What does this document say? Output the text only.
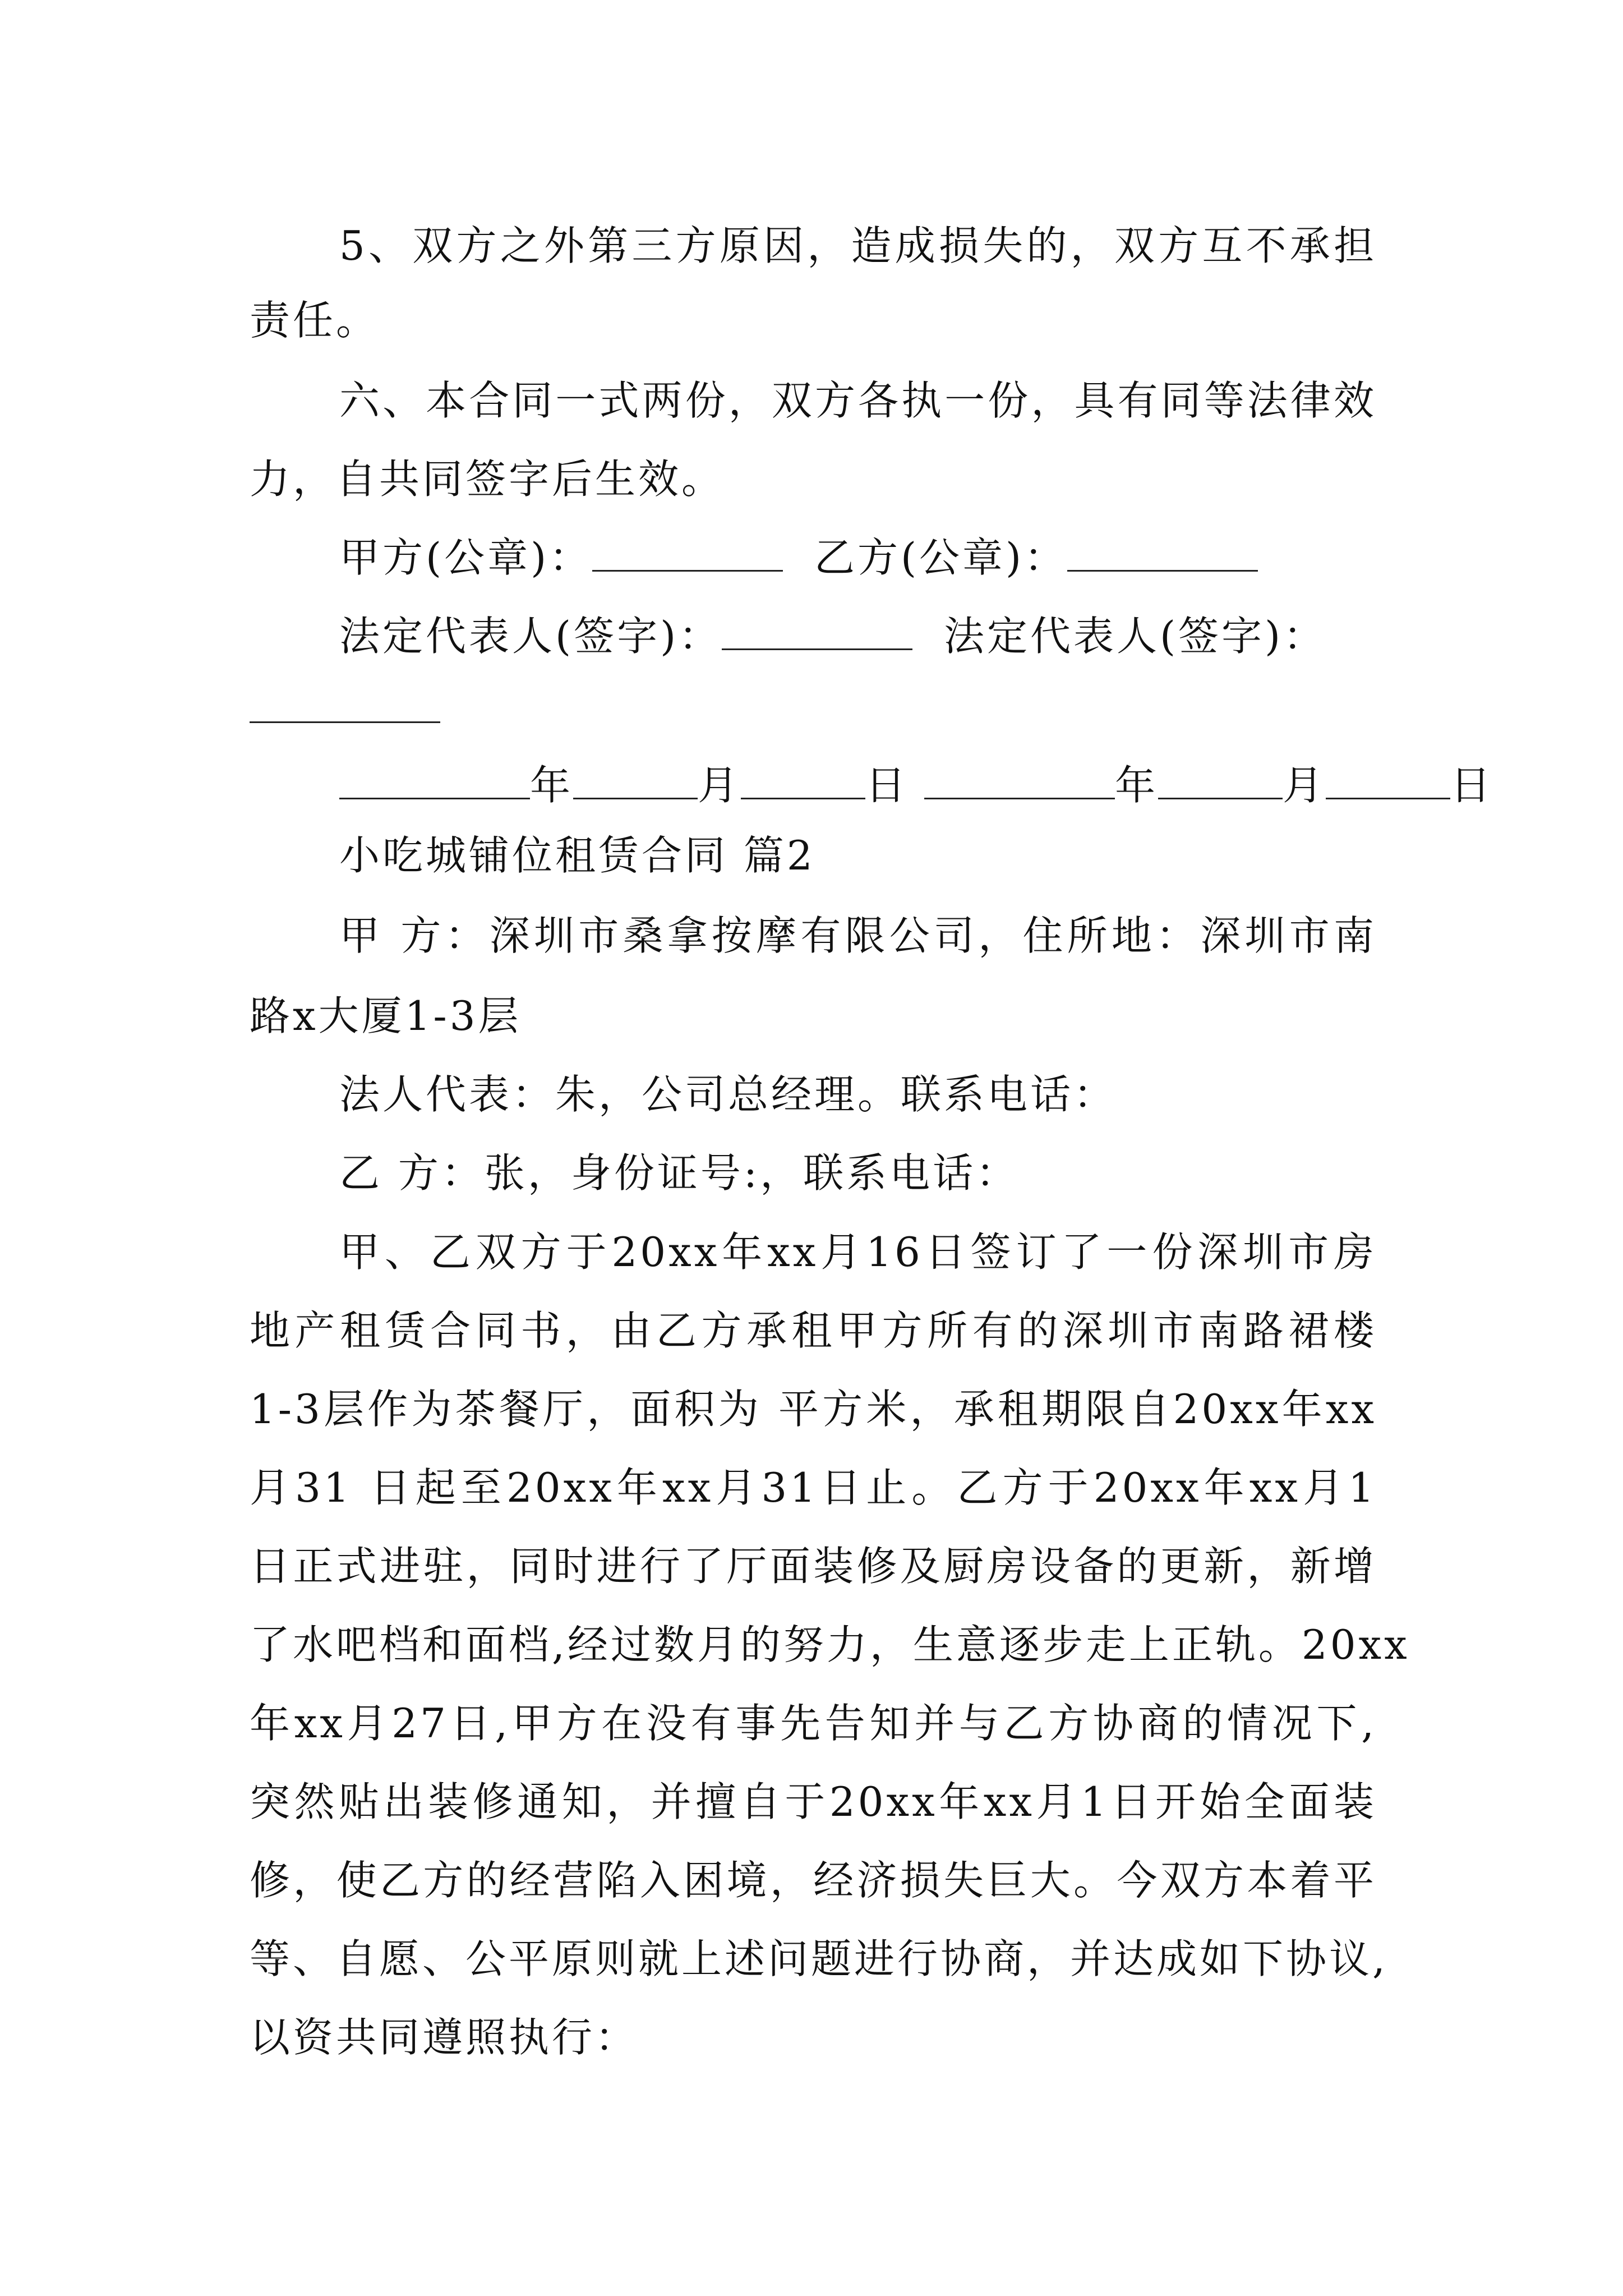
5、双方之外第三方原因，造成损失的，双方互不承担
责任。
六、本合同一式两份，双方各执一份，具有同等法律效
力，自共同签字后生效。
甲方(公章)：	乙方(公章)：
法定代表人(签字)：	法定代表人(签字)：
年	月	日	年	月	日
小吃城铺位租赁合同 篇2
甲 方：深圳市桑拿按摩有限公司，住所地：深圳市南
路x大厦1-3层
法人代表：朱，公司总经理。联系电话：
乙 方：张，身份证号:，联系电话：
甲、乙双方于20xx年xx月16日签订了一份深圳市房
地产租赁合同书，由乙方承租甲方所有的深圳市南路裙楼
1-3层作为茶餐厅，面积为 平方米，承租期限自20xx年xx
月31 日起至20xx年xx月31日止。乙方于20xx年xx月1
日正式进驻，同时进行了厅面装修及厨房设备的更新，新增
了水吧档和面档,经过数月的努力，生意逐步走上正轨。20xx
年xx月27日,甲方在没有事先告知并与乙方协商的情况下,
突然贴出装修通知，并擅自于20xx年xx月1日开始全面装
修，使乙方的经营陷入困境，经济损失巨大。今双方本着平
等、自愿、公平原则就上述问题进行协商，并达成如下协议,
以资共同遵照执行：
